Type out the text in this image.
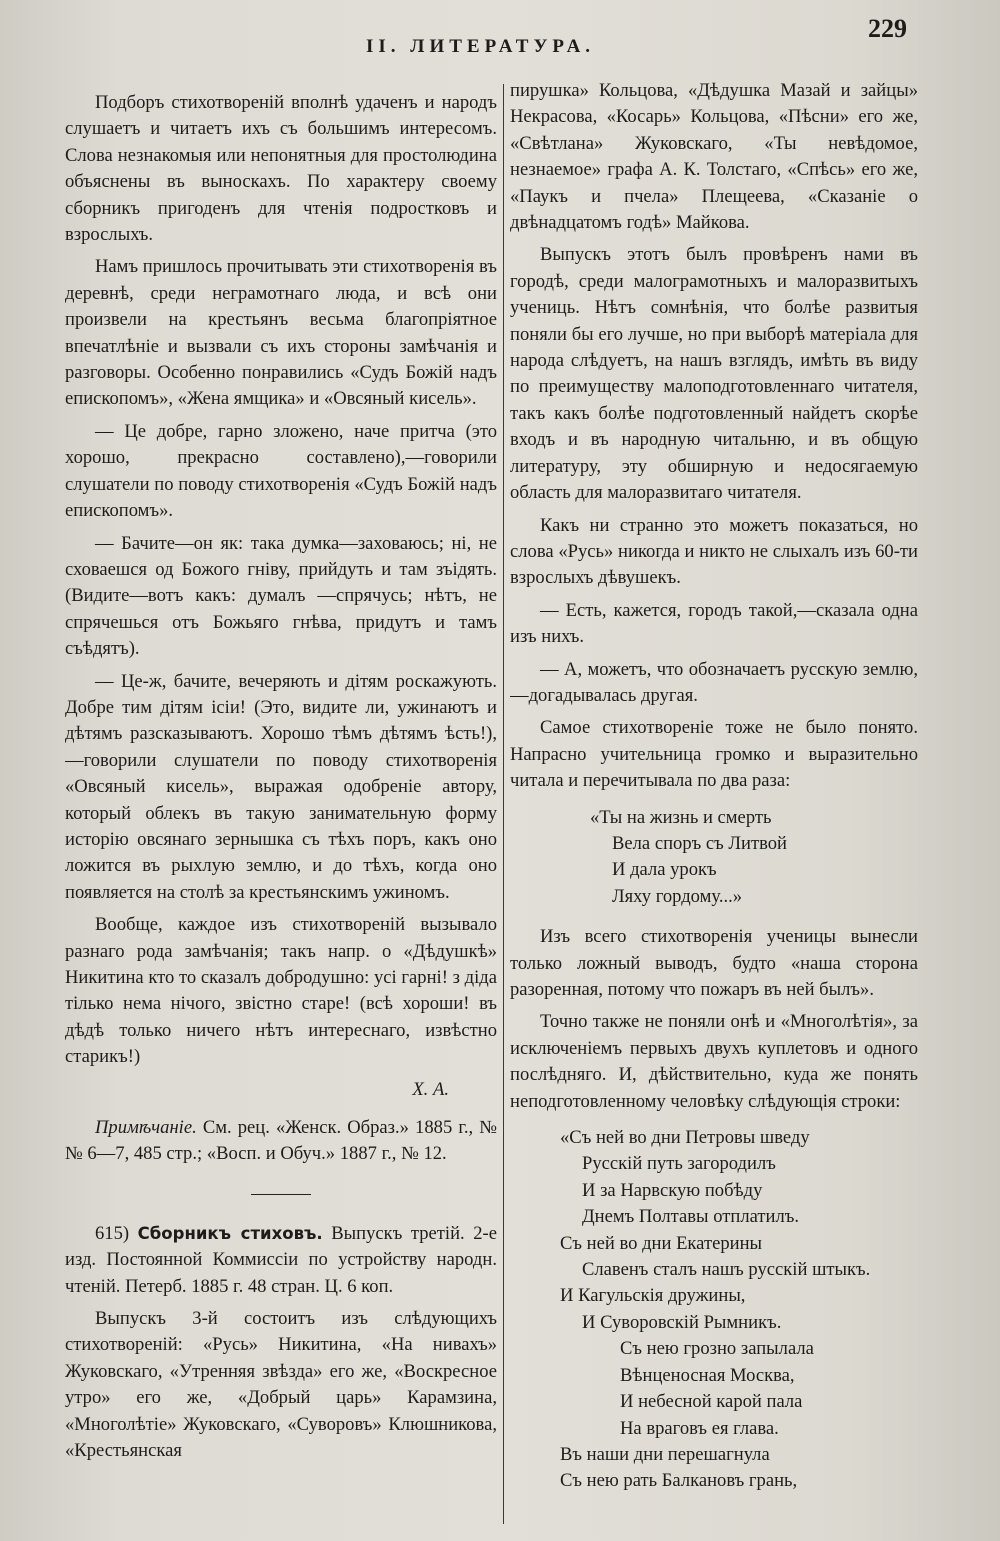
II. ЛИТЕРАТУРА.
229

Подборъ стихотвореній вполнѣ удаченъ и народъ слушаетъ и читаетъ ихъ съ большимъ интересомъ. Слова незнакомыя или непонятныя для простолюдина объяснены въ выноскахъ. По характеру своему сборникъ пригоденъ для чтенія подростковъ и взрослыхъ.

Намъ пришлось прочитывать эти стихотворенія въ деревнѣ, среди неграмотнаго люда, и всѣ они произвели на крестьянъ весьма благопріятное впечатлѣніе и вызвали съ ихъ стороны замѣчанія и разговоры. Особенно понравились «Судъ Божій надъ епископомъ», «Жена ямщика» и «Овсяный кисель».

— Це добре, гарно зложено, наче притча (это хорошо, прекрасно составлено),—говорили слушатели по поводу стихотворенія «Судъ Божій надъ епископомъ».

— Бачите—он як: така думка—заховаюсь; ні, не сховаешся од Божого гніву, прийдуть и там зъідять. (Видите—вотъ какъ: думалъ —спрячусь; нѣтъ, не спрячешься отъ Божьяго гнѣва, придутъ и тамъ съѣдятъ).

— Це-ж, бачите, вечеряють и дітям роскажують. Добре тим дітям ісіи! (Это, видите ли, ужинаютъ и дѣтямъ разсказываютъ. Хорошо тѣмъ дѣтямъ ѣсть!),—говорили слушатели по поводу стихотворенія «Овсяный кисель», выражая одобреніе автору, который облекъ въ такую занимательную форму исторію овсянаго зернышка съ тѣхъ поръ, какъ оно ложится въ рыхлую землю, и до тѣхъ, когда оно появляется на столѣ за крестьянскимъ ужиномъ.

Вообще, каждое изъ стихотвореній вызывало разнаго рода замѣчанія; такъ напр. о «Дѣдушкѣ» Никитина кто то сказалъ добродушно: усі гарні! з діда тілько нема нічого, звістно старе! (всѣ хороши! въ дѣдѣ только ничего нѣтъ интереснаго, извѣстно старикъ!)

Х. А.

Примѣчаніе. См. рец. «Женск. Образ.» 1885 г., №№ 6—7, 485 стр.; «Восп. и Обуч.» 1887 г., № 12.

615) Сборникъ стиховъ. Выпускъ третій. 2-е изд. Постоянной Коммиссіи по устройству народн. чтеній. Петерб. 1885 г. 48 стран. Ц. 6 коп.

Выпускъ 3-й состоитъ изъ слѣдующихъ стихотвореній: «Русь» Никитина, «На нивахъ» Жуковскаго, «Утренняя звѣзда» его же, «Воскресное утро» его же, «Добрый царь» Карамзина, «Многолѣтіе» Жуковскаго, «Суворовъ» Клюшникова, «Крестьянская

пирушка» Кольцова, «Дѣдушка Мазай и зайцы» Некрасова, «Косарь» Кольцова, «Пѣсни» его же, «Свѣтлана» Жуковскаго, «Ты невѣдомое, незнаемое» графа А. К. Толстаго, «Спѣсь» его же, «Паукъ и пчела» Плещеева, «Сказаніе о двѣнадцатомъ годѣ» Майкова.

Выпускъ этотъ былъ провѣренъ нами въ городѣ, среди малограмотныхъ и малоразвитыхъ учениць. Нѣтъ сомнѣнія, что болѣе развитыя поняли бы его лучше, но при выборѣ матеріала для народа слѣдуетъ, на нашъ взглядъ, имѣть въ виду по преимуществу малоподготовленнаго читателя, такъ какъ болѣе подготовленный найдетъ скорѣе входъ и въ народную читальню, и въ общую литературу, эту обширную и недосягаемую область для малоразвитаго читателя.

Какъ ни странно это можетъ показаться, но слова «Русь» никогда и никто не слыхалъ изъ 60-ти взрослыхъ дѣвушекъ.

— Есть, кажется, городъ такой,—сказала одна изъ нихъ.

— А, можетъ, что обозначаетъ русскую землю,—догадывалась другая.

Самое стихотвореніе тоже не было понято. Напрасно учительница громко и выразительно читала и перечитывала по два раза:

«Ты на жизнь и смерть
Вела споръ съ Литвой
И дала урокъ
Ляху гордому...»

Изъ всего стихотворенія ученицы вынесли только ложный выводъ, будто «наша сторона разоренная, потому что пожаръ въ ней былъ».

Точно также не поняли онѣ и «Многолѣтія», за исключеніемъ первыхъ двухъ куплетовъ и одного послѣдняго. И, дѣйствительно, куда же понять неподготовленному человѣку слѣдующія строки:

«Съ ней во дни Петровы шведу
Русскій путь загородилъ
И за Нарвскую побѣду
Днемъ Полтавы отплатилъ.
Съ ней во дни Екатерины
Славенъ сталъ нашъ русскій штыкъ.
И Кагульскія дружины,
И Суворовскій Рымникъ.
Съ нею грозно запылала
Вѣнценосная Москва,
И небесной карой пала
На враговъ ея глава.
Въ наши дни перешагнула
Съ нею рать Балкановъ грань,
